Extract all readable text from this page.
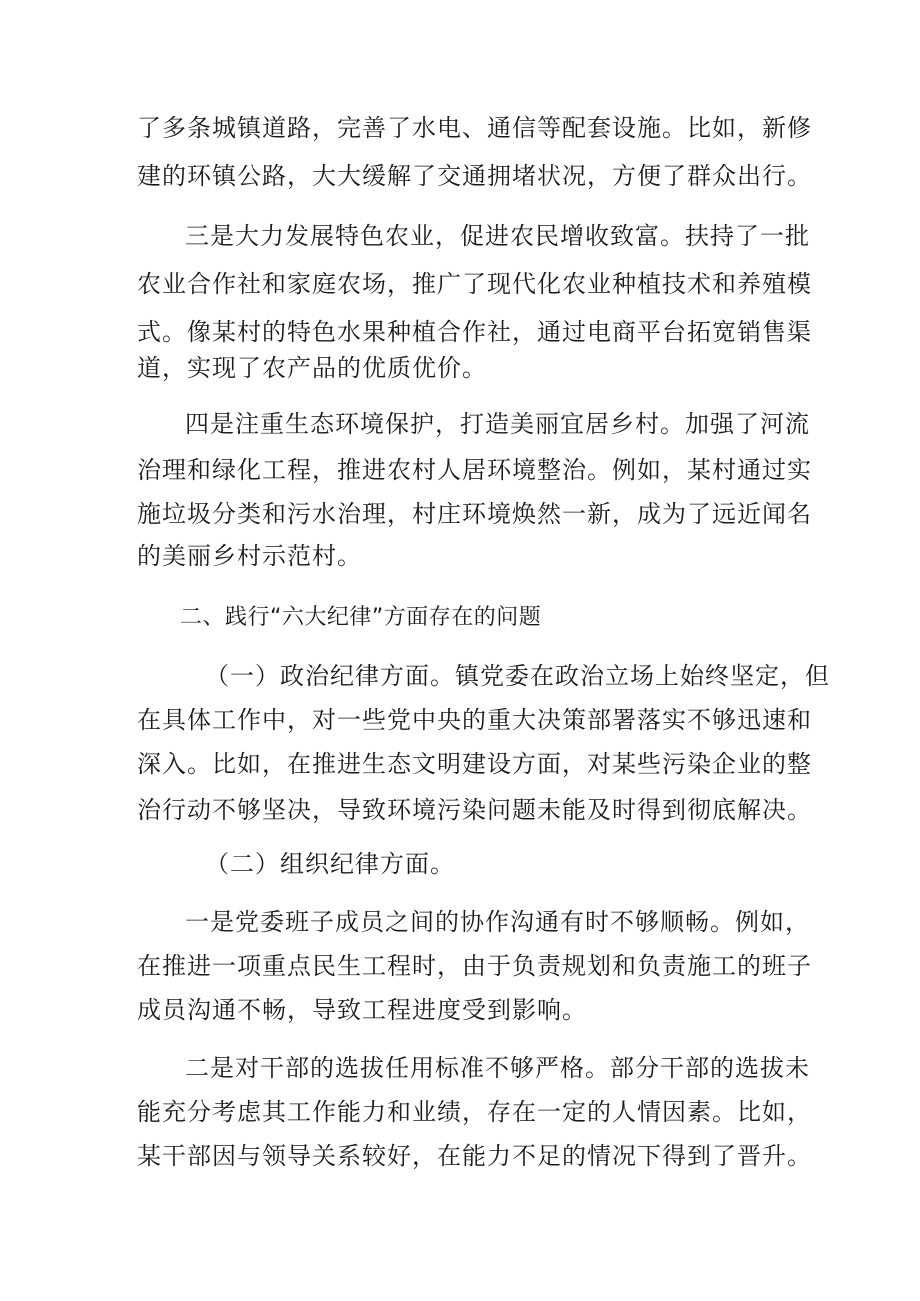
了多条城镇道路，完善了水电、通信等配套设施。比如，新修
建的环镇公路，大大缓解了交通拥堵状况，方便了群众出行。
三是大力发展特色农业，促进农民增收致富。扶持了一批
农业合作社和家庭农场，推广了现代化农业种植技术和养殖模
式。像某村的特色水果种植合作社，通过电商平台拓宽销售渠
道，实现了农产品的优质优价。
四是注重生态环境保护，打造美丽宜居乡村。加强了河流
治理和绿化工程，推进农村人居环境整治。例如，某村通过实
施垃圾分类和污水治理，村庄环境焕然一新，成为了远近闻名
的美丽乡村示范村。
二、践行“六大纪律”方面存在的问题
（一）政治纪律方面。镇党委在政治立场上始终坚定，但
在具体工作中，对一些党中央的重大决策部署落实不够迅速和
深入。比如，在推进生态文明建设方面，对某些污染企业的整
治行动不够坚决，导致环境污染问题未能及时得到彻底解决。
（二）组织纪律方面。
一是党委班子成员之间的协作沟通有时不够顺畅。例如，
在推进一项重点民生工程时，由于负责规划和负责施工的班子
成员沟通不畅，导致工程进度受到影响。
二是对干部的选拔任用标准不够严格。部分干部的选拔未
能充分考虑其工作能力和业绩，存在一定的人情因素。比如，
某干部因与领导关系较好，在能力不足的情况下得到了晋升。
